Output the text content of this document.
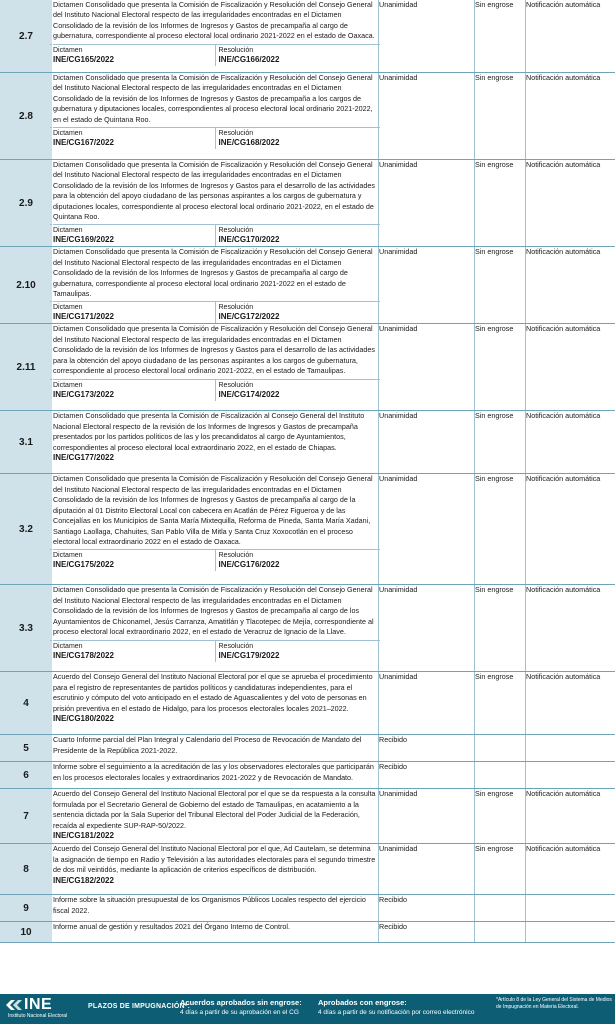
2.7	Dictamen Consolidado que presenta la Comisión de Fiscalización y Resolución del Consejo General del Instituto Nacional Electoral respecto de las irregularidades encontradas en el Dictamen Consolidado de la revisión de los Informes de Ingresos y Gastos de precampaña al cargo de gubernatura, correspondiente al proceso electoral local ordinario 2021-2022 en el estado de Oaxaca.
Dictamen
INE/CG165/2022
Resolución
INE/CG166/2022	Unanimidad	Sin engrose	Notificación automática
2.8	Dictamen Consolidado que presenta la Comisión de Fiscalización y Resolución del Consejo General del Instituto Nacional Electoral respecto de las irregularidades encontradas en el Dictamen Consolidado de la revisión de los Informes de Ingresos y Gastos de precampaña a los cargos de gubernatura y diputaciones locales, correspondientes al proceso electoral local ordinario 2021-2022, en el estado de Quintana Roo.
Dictamen
INE/CG167/2022
Resolución
INE/CG168/2022	Unanimidad	Sin engrose	Notificación automática
2.9	Dictamen Consolidado que presenta la Comisión de Fiscalización y Resolución del Consejo General del Instituto Nacional Electoral respecto de las irregularidades encontradas en el Dictamen Consolidado de la revisión de los Informes de Ingresos y Gastos para el desarrollo de las actividades para la obtención del apoyo ciudadano de las personas aspirantes a los cargos de gubernatura y diputaciones locales, correspondiente al proceso electoral local ordinario 2021-2022, en el estado de Quintana Roo.
Dictamen
INE/CG169/2022
Resolución
INE/CG170/2022	Unanimidad	Sin engrose	Notificación automática
2.10	Dictamen Consolidado que presenta la Comisión de Fiscalización y Resolución del Consejo General del Instituto Nacional Electoral respecto de las irregularidades encontradas en el Dictamen Consolidado de la revisión de los Informes de Ingresos y Gastos de precampaña al cargo de gubernatura, correspondiente al proceso electoral local ordinario 2021-2022 en el estado de Tamaulipas.
Dictamen
INE/CG171/2022
Resolución
INE/CG172/2022	Unanimidad	Sin engrose	Notificación automática
2.11	Dictamen Consolidado que presenta la Comisión de Fiscalización y Resolución del Consejo General del Instituto Nacional Electoral respecto de las irregularidades encontradas en el Dictamen Consolidado de la revisión de los Informes de Ingresos y Gastos para el desarrollo de las actividades para la obtención del apoyo ciudadano de las personas aspirantes a los cargos de gubernatura, correspondiente al proceso electoral local ordinario 2021-2022, en el estado de Tamaulipas.
Dictamen
INE/CG173/2022
Resolución
INE/CG174/2022	Unanimidad	Sin engrose	Notificación automática
3.1	Dictamen Consolidado que presenta la Comisión de Fiscalización al Consejo General del Instituto Nacional Electoral respecto de la revisión de los Informes de Ingresos y Gastos de precampaña presentados por los partidos políticos de las y los precandidatos al cargo de Ayuntamientos, correspondientes al proceso electoral local extraordinario 2022, en el estado de Chiapas.
INE/CG177/2022	Unanimidad	Sin engrose	Notificación automática
3.2	Dictamen Consolidado que presenta la Comisión de Fiscalización y Resolución del Consejo General del Instituto Nacional Electoral respecto de las irregularidades encontradas en el Dictamen Consolidado de la revisión de los Informes de Ingresos y Gastos de precampaña al cargo de la diputación al 01 Distrito Electoral Local con cabecera en Acatlán de Pérez Figueroa y de las Concejalías en los Municipios de Santa María Mixtequilla, Reforma de Pineda, Santa María Xadani, Santiago Laollaga, Chahuites, San Pablo Villa de Mitla y Santa Cruz Xoxocotlán en el proceso electoral local extraordinario 2022 en el estado de Oaxaca.
Dictamen
INE/CG175/2022
Resolución
INE/CG176/2022	Unanimidad	Sin engrose	Notificación automática
3.3	Dictamen Consolidado que presenta la Comisión de Fiscalización y Resolución del Consejo General del Instituto Nacional Electoral respecto de las irregularidades encontradas en el Dictamen Consolidado de la revisión de los Informes de Ingresos y Gastos de precampaña al cargo de los Ayuntamientos de Chiconamel, Jesús Carranza, Amatitlán y Tlacotepec de Mejía, correspondiente al proceso electoral local extraordinario 2022, en el estado de Veracruz de Ignacio de la Llave.
Dictamen
INE/CG178/2022
Resolución
INE/CG179/2022	Unanimidad	Sin engrose	Notificación automática
4	Acuerdo del Consejo General del Instituto Nacional Electoral por el que se aprueba el procedimiento para el registro de representantes de partidos políticos y candidaturas independientes, para el escrutinio y cómputo del voto anticipado en el estado de Aguascalientes y del voto de personas en prisión preventiva en el estado de Hidalgo, para los procesos electorales locales 2021–2022.
INE/CG180/2022	Unanimidad	Sin engrose	Notificación automática
5	Cuarto Informe parcial del Plan Integral y Calendario del Proceso de Revocación de Mandato del Presidente de la República 2021-2022.	Recibido		
6	Informe sobre el seguimiento a la acreditación de las y los observadores electorales que participarán en los procesos electorales locales y extraordinarios 2021-2022 y de Revocación de Mandato.	Recibido		
7	Acuerdo del Consejo General del Instituto Nacional Electoral por el que se da respuesta a la consulta formulada por el Secretario General de Gobierno del estado de Tamaulipas, en acatamiento a la sentencia dictada por la Sala Superior del Tribunal Electoral del Poder Judicial de la Federación, recaída al expediente SUP-RAP-50/2022.
INE/CG181/2022	Unanimidad	Sin engrose	Notificación automática
8	Acuerdo del Consejo General del Instituto Nacional Electoral por el que, Ad Cautelam, se determina la asignación de tiempo en Radio y Televisión a las autoridades electorales para el segundo trimestre de dos mil veintidós, mediante la aplicación de criterios específicos de distribución.
INE/CG182/2022	Unanimidad	Sin engrose	Notificación automática
9	Informe sobre la situación presupuestal de los Organismos Públicos Locales respecto del ejercicio fiscal 2022.	Recibido		
10	Informe anual de gestión y resultados 2021 del Órgano Interno de Control.	Recibido		
INE
Instituto Nacional Electoral
PLAZOS DE IMPUGNACIÓN*:
Acuerdos aprobados sin engrose:
4 días a partir de su aprobación en el CG
Aprobados con engrose:
4 días a partir de su notificación por correo electrónico
*Artículo 8 de la Ley General del Sistema de Medios de Impugnación en Materia Electoral.
